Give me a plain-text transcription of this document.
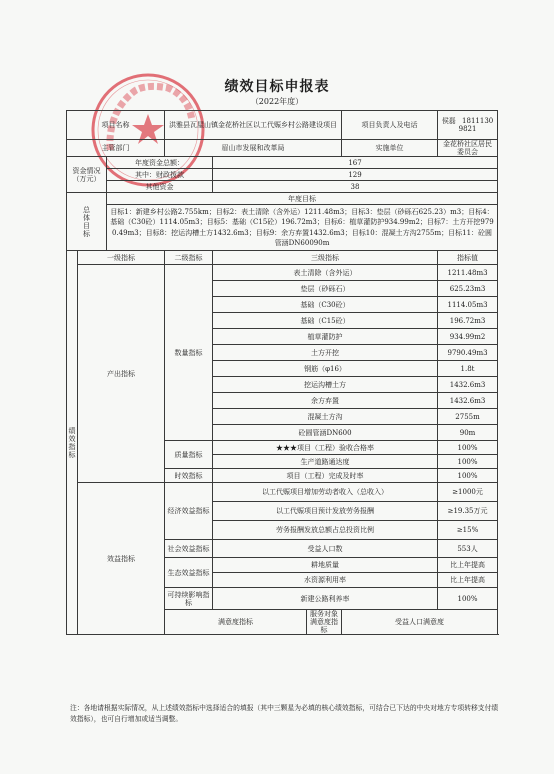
绩效目标申报表
（2022年度）
项目名称			洪雅县瓦屋山镇金花桥社区以工代赈乡村公路建设项目			项目负责人及电话	侯磊 18111309821	
主管部门			眉山市发展和改革局			实施单位	金花桥社区居民委员会	
资金情况（万元）		年度资金总额：		167				
		其中：财政拨款		129				
		其他资金		38				
总体目标		年度目标						
		目标1：新建乡村公路2.755km；目标2：表土清除（含外运）1211.48m3；目标3：垫层（砂砾石625.23）m3；目标4：基础（C30砼）1114.05m3；目标5：基础（C15砼）196.72m3；目标6：植草灌防护934.99m2；目标7：土方开挖9790.49m3；目标8：挖运沟槽土方1432.6m3；目标9：余方弃置1432.6m3；目标10：混凝土方沟2755m；目标11：砼圆管涵DN60090m						
绩效指标	一级指标		二级指标	三级指标			指标值	
	产出指标		数量指标	表土清除（含外运）			1211.48m3	
				垫层（砂砾石）			625.23m3	
				基础（C30砼）			1114.05m3	
				基础（C15砼）			196.72m3	
				植草灌防护			934.99m2	
				土方开挖			9790.49m3	
				钢筋（φ16）			1.8t	
				挖运沟槽土方			1432.6m3	
				余方弃置			1432.6m3	
				混凝土方沟			2755m	
				砼圆管涵DN600			90m	
			质量指标	★★★项目（工程）验收合格率			100%	
				生产道路通达度			100%	
			时效指标	项目（工程）完成及时率			100%	
	效益指标		经济效益指标	以工代赈项目增加劳动者收入（总收入）			≥1000元	
				以工代赈项目预计发放劳务报酬			≥19.35万元	
				劳务报酬发放总额占总投资比例			≥15%	
			社会效益指标	受益人口数			553人	
			生态效益指标	耕地质量			比上年提高	
				水资源利用率			比上年提高	
			可持续影响指标	新建公路利养率			100%	
			满意度指标		服务对象满意度指标	受益人口满意度	
注：各地请根据实际情况，从上述绩效指标中选择适合的填报（其中三颗星为必填的核心绩效指标，可结合已下达的中央对地方专项转移支付绩效指标），也可自行增加或适当调整。
